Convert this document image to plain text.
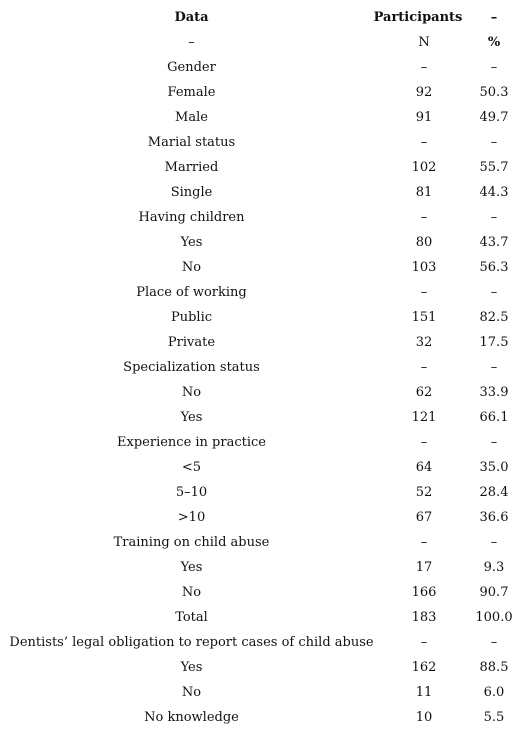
Data	Participants	–
–	N	%
Gender	–	–
Female	92	50.3
Male	91	49.7
Marial status	–	–
Married	102	55.7
Single	81	44.3
Having children	–	–
Yes	80	43.7
No	103	56.3
Place of working	–	–
Public	151	82.5
Private	32	17.5
Specialization status	–	–
No	62	33.9
Yes	121	66.1
Experience in practice	–	–
<5	64	35.0
5–10	52	28.4
>10	67	36.6
Training on child abuse	–	–
Yes	17	9.3
No	166	90.7
Total	183	100.0
Dentists’ legal obligation to report cases of child abuse	–	–
Yes	162	88.5
No	11	6.0
No knowledge	10	5.5
